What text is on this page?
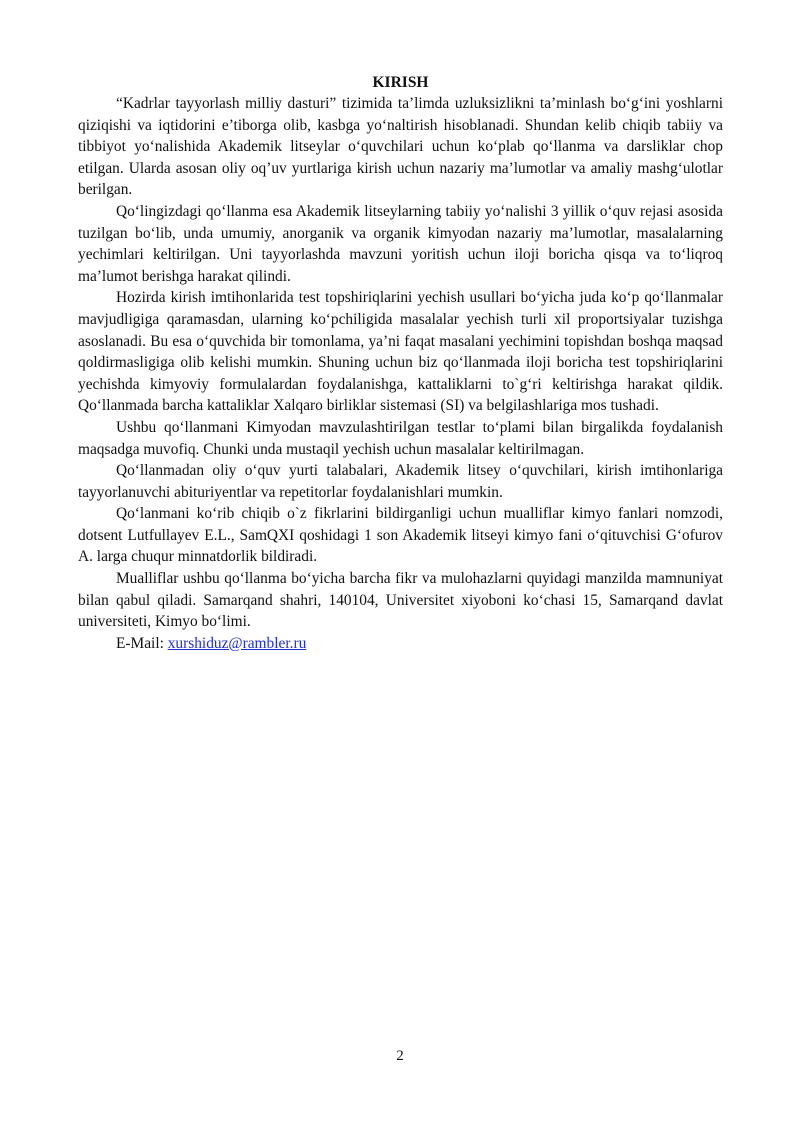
KIRISH

“Kadrlar tayyorlash milliy dasturi” tizimida ta’limda uzluksizlikni ta’minlash bo‘g‘ini yoshlarni qiziqishi va iqtidorini e’tiborga olib, kasbga yo‘naltirish hisoblanadi. Shundan kelib chiqib tabiiy va tibbiyot yo‘nalishida Akademik litseylar o‘quvchilari uchun ko‘plab qo‘llanma va darsliklar chop etilgan. Ularda asosan oliy oq’uv yurtlariga kirish uchun nazariy ma’lumotlar va amaliy mashg‘ulotlar berilgan.

Qo‘lingizdagi qo‘llanma esa Akademik litseylarning tabiiy yo‘nalishi 3 yillik o‘quv rejasi asosida tuzilgan bo‘lib, unda umumiy, anorganik va organik kimyodan nazariy ma’lumotlar, masalalarning yechimlari keltirilgan. Uni tayyorlashda mavzuni yoritish uchun iloji boricha qisqa va to‘liqroq ma’lumot berishga harakat qilindi.

Hozirda kirish imtihonlarida test topshiriqlarini yechish usullari bo‘yicha juda ko‘p qo‘llanmalar mavjudligiga qaramasdan, ularning ko‘pchiligida masalalar yechish turli xil proportsiyalar tuzishga asoslanadi. Bu esa o‘quvchida bir tomonlama, ya’ni faqat masalani yechimini topishdan boshqa maqsad qoldirmasligiga olib kelishi mumkin. Shuning uchun biz qo‘llanmada iloji boricha test topshiriqlarini yechishda kimyoviy formulalardan foydalanishga, kattaliklarni to`g‘ri keltirishga harakat qildik. Qo‘llanmada barcha kattaliklar Xalqaro birliklar sistemasi (SI) va belgilashlariga mos tushadi.

Ushbu qo‘llanmani Kimyodan mavzulashtirilgan testlar to‘plami bilan birgalikda foydalanish maqsadga muvofiq. Chunki unda mustaqil yechish uchun masalalar keltirilmagan.

Qo‘llanmadan oliy o‘quv yurti talabalari, Akademik litsey o‘quvchilari, kirish imtihonlariga tayyorlanuvchi abituriyentlar va repetitorlar foydalanishlari mumkin.

Qo‘lanmani ko‘rib chiqib o`z fikrlarini bildirganligi uchun mualliflar kimyo fanlari nomzodi, dotsent Lutfullayev E.L., SamQXI qoshidagi 1 son Akademik litseyi kimyo fani o‘qituvchisi G‘ofurov A. larga chuqur minnatdorlik bildiradi.

Mualliflar ushbu qo‘llanma bo‘yicha barcha fikr va mulohazlarni quyidagi manzilda mamnuniyat bilan qabul qiladi. Samarqand shahri, 140104, Universitet xiyoboni ko‘chasi 15, Samarqand davlat universiteti, Kimyo bo‘limi.

E-Mail: xurshiduz@rambler.ru

2
